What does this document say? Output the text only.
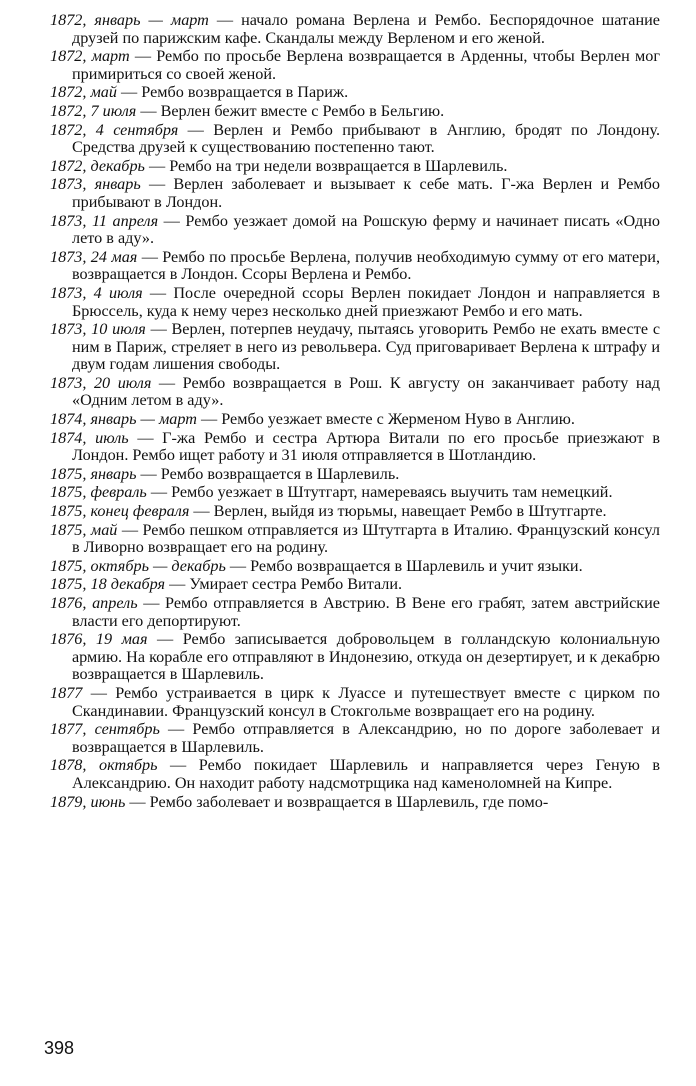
1872, январь — март — начало романа Верлена и Рембо. Беспорядочное шатание друзей по парижским кафе. Скандалы между Верленом и его женой.

1872, март — Рембо по просьбе Верлена возвращается в Арденны, чтобы Верлен мог примириться со своей женой.

1872, май — Рембо возвращается в Париж.

1872, 7 июля — Верлен бежит вместе с Рембо в Бельгию.

1872, 4 сентября — Верлен и Рембо прибывают в Англию, бродят по Лондону. Средства друзей к существованию постепенно тают.

1872, декабрь — Рембо на три недели возвращается в Шарлевиль.

1873, январь — Верлен заболевает и вызывает к себе мать. Г-жа Верлен и Рембо прибывают в Лондон.

1873, 11 апреля — Рембо уезжает домой на Рошскую ферму и начинает писать «Одно лето в аду».

1873, 24 мая — Рембо по просьбе Верлена, получив необходимую сумму от его матери, возвращается в Лондон. Ссоры Верлена и Рембо.

1873, 4 июля — После очередной ссоры Верлен покидает Лондон и направляется в Брюссель, куда к нему через несколько дней приезжают Рембо и его мать.

1873, 10 июля — Верлен, потерпев неудачу, пытаясь уговорить Рембо не ехать вместе с ним в Париж, стреляет в него из револьвера. Суд приговаривает Верлена к штрафу и двум годам лишения свободы.

1873, 20 июля — Рембо возвращается в Рош. К августу он заканчивает работу над «Одним летом в аду».

1874, январь — март — Рембо уезжает вместе с Жерменом Нуво в Англию.

1874, июль — Г-жа Рембо и сестра Артюра Витали по его просьбе приезжают в Лондон. Рембо ищет работу и 31 июля отправляется в Шотландию.

1875, январь — Рембо возвращается в Шарлевиль.

1875, февраль — Рембо уезжает в Штутгарт, намереваясь выучить там немецкий.

1875, конец февраля — Верлен, выйдя из тюрьмы, навещает Рембо в Штутгарте.

1875, май — Рембо пешком отправляется из Штутгарта в Италию. Французский консул в Ливорно возвращает его на родину.

1875, октябрь — декабрь — Рембо возвращается в Шарлевиль и учит языки.

1875, 18 декабря — Умирает сестра Рембо Витали.

1876, апрель — Рембо отправляется в Австрию. В Вене его грабят, затем австрийские власти его депортируют.

1876, 19 мая — Рембо записывается добровольцем в голландскую колониальную армию. На корабле его отправляют в Индонезию, откуда он дезертирует, и к декабрю возвращается в Шарлевиль.

1877 — Рембо устраивается в цирк к Луассе и путешествует вместе с цирком по Скандинавии. Французский консул в Стокгольме возвращает его на родину.

1877, сентябрь — Рембо отправляется в Александрию, но по дороге заболевает и возвращается в Шарлевиль.

1878, октябрь — Рембо покидает Шарлевиль и направляется через Геную в Александрию. Он находит работу надсмотрщика над каменоломней на Кипре.

1879, июнь — Рембо заболевает и возвращается в Шарлевиль, где помо-

398
